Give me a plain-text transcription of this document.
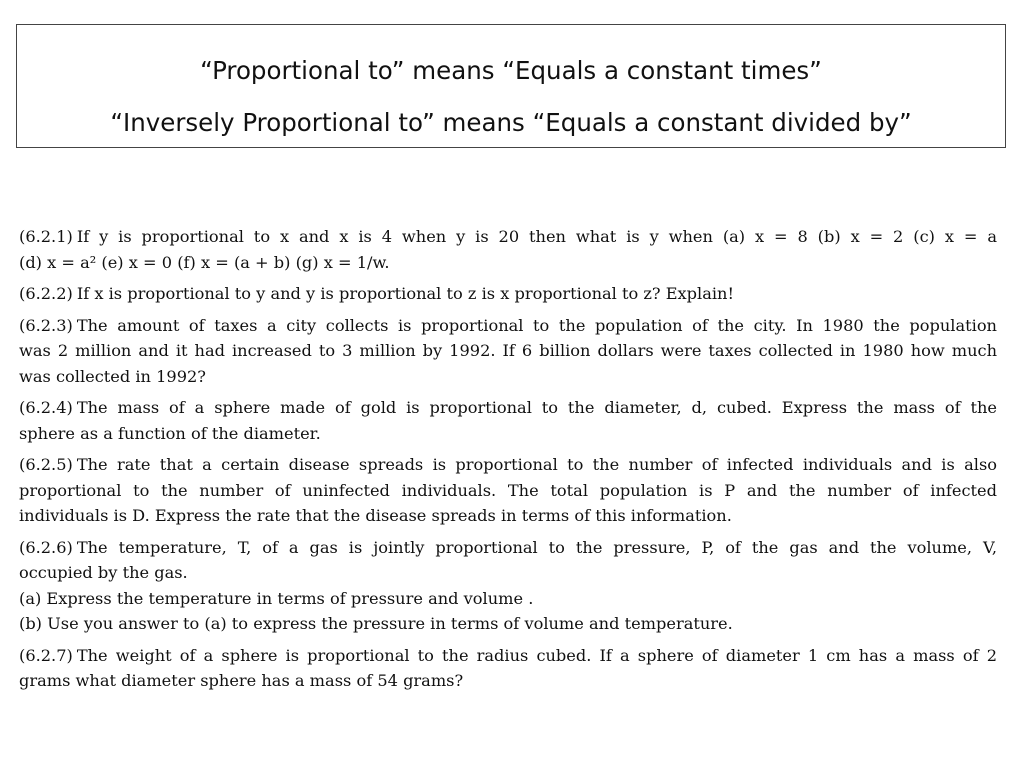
“Proportional to” means “Equals a constant times”
“Inversely Proportional to” means “Equals a constant divided by”
(6.2.1) If y is proportional to x and x is 4 when y is 20 then what is y when (a) x = 8 (b) x = 2 (c) x = a
(d) x = a² (e) x = 0 (f) x = (a + b) (g) x = 1/w.
(6.2.2) If x is proportional to y and y is proportional to z is x proportional to z? Explain!
(6.2.3) The amount of taxes a city collects is proportional to the population of the city. In 1980 the population
was 2 million and it had increased to 3 million by 1992. If 6 billion dollars were taxes collected in 1980 how much
was collected in 1992?
(6.2.4) The mass of a sphere made of gold is proportional to the diameter, d, cubed. Express the mass of the
sphere as a function of the diameter.
(6.2.5) The rate that a certain disease spreads is proportional to the number of infected individuals and is also
proportional to the number of uninfected individuals. The total population is P and the number of infected
individuals is D. Express the rate that the disease spreads in terms of this information.
(6.2.6) The temperature, T, of a gas is jointly proportional to the pressure, P, of the gas and the volume, V,
occupied by the gas.
(a) Express the temperature in terms of pressure and volume .
(b) Use you answer to (a) to express the pressure in terms of volume and temperature.
(6.2.7) The weight of a sphere is proportional to the radius cubed. If a sphere of diameter 1 cm has a mass of 2
grams what diameter sphere has a mass of 54 grams?
